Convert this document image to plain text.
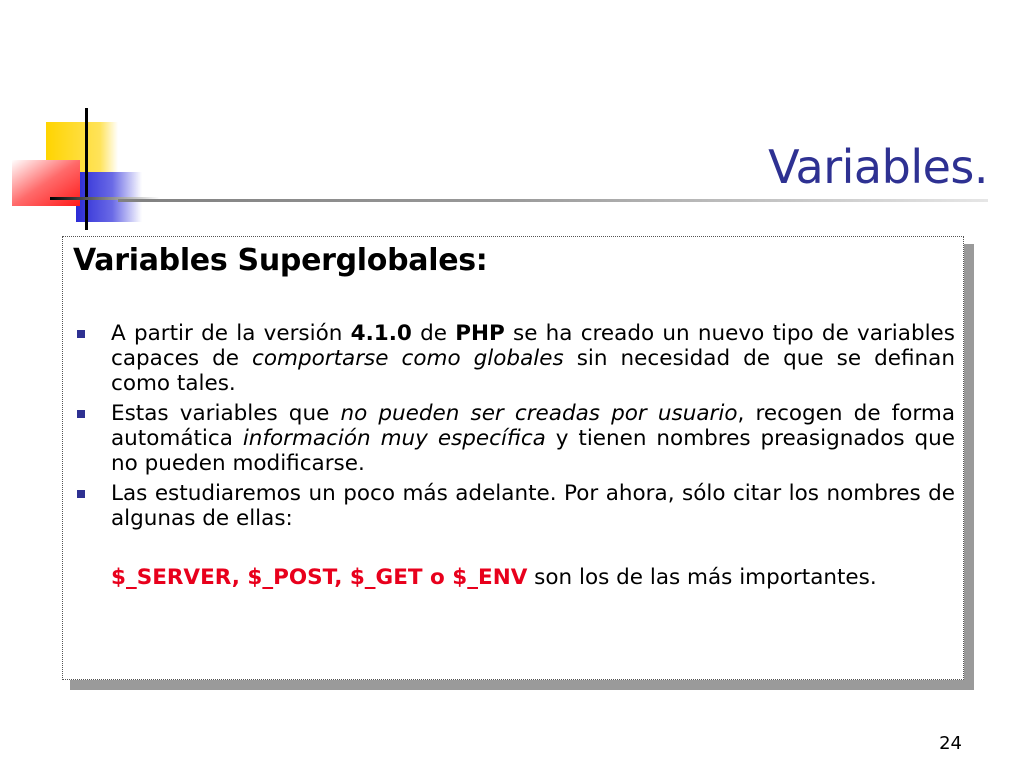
Variables.
Variables Superglobales:
A partir de la versión 4.1.0 de PHP se ha creado un nuevo tipo de variables capaces de comportarse como globales sin necesidad de que se definan como tales.
Estas variables que no pueden ser creadas por usuario, recogen de forma automática información muy específica y tienen nombres preasignados que no pueden modificarse.
Las estudiaremos un poco más adelante. Por ahora, sólo citar los nombres de algunas de ellas:
$_SERVER, $_POST, $_GET o $_ENV son los de las más importantes.
24
